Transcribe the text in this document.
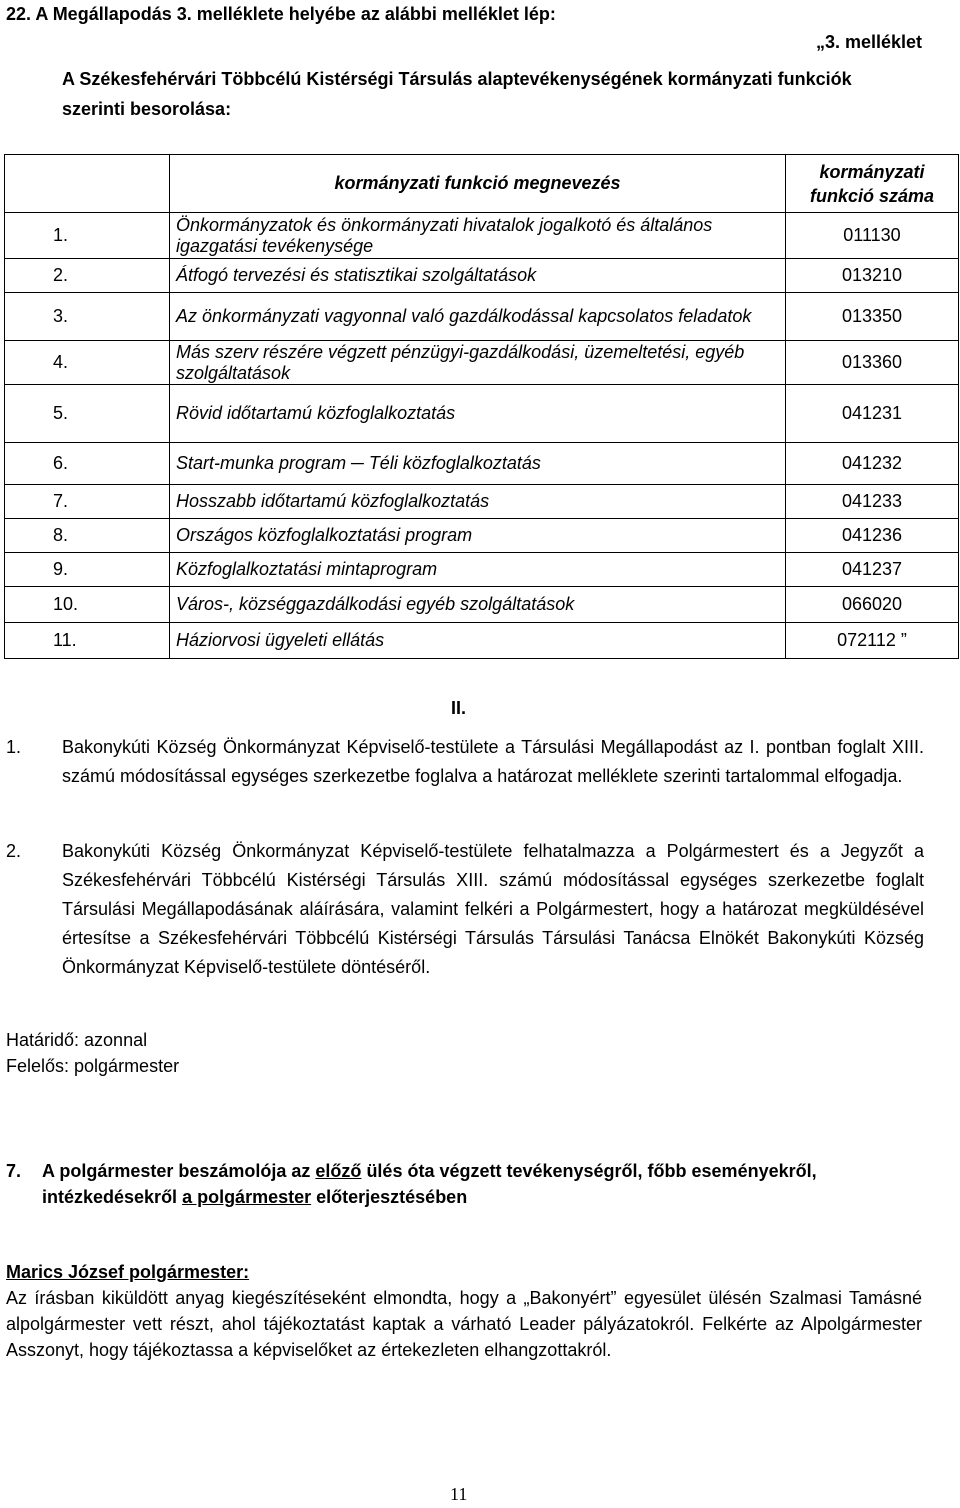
22. A Megállapodás 3. melléklete helyébe az alábbi melléklet lép:
„3. melléklet
A Székesfehérvári Többcélú Kistérségi Társulás alaptevékenységének kormányzati funkciók szerinti besorolása:
	kormányzati funkció megnevezés	kormányzati funkció száma
1.	Önkormányzatok és önkormányzati hivatalok jogalkotó és általános igazgatási tevékenysége	011130
2.	Átfogó tervezési és statisztikai szolgáltatások	013210
3.	Az önkormányzati vagyonnal való gazdálkodással kapcsolatos feladatok	013350
4.	Más szerv részére végzett pénzügyi-gazdálkodási, üzemeltetési, egyéb szolgáltatások	013360
5.	Rövid időtartamú közfoglalkoztatás	041231
6.	Start-munka program ─ Téli közfoglalkoztatás	041232
7.	Hosszabb időtartamú közfoglalkoztatás	041233
8.	Országos közfoglalkoztatási program	041236
9.	Közfoglalkoztatási mintaprogram	041237
10.	Város-, községgazdálkodási egyéb szolgáltatások	066020
11.	Háziorvosi ügyeleti ellátás	072112 ”
II.
1. Bakonykúti Község Önkormányzat Képviselő-testülete a Társulási Megállapodást az I. pontban foglalt XIII. számú módosítással egységes szerkezetbe foglalva a határozat melléklete szerinti tartalommal elfogadja.
2. Bakonykúti Község Önkormányzat Képviselő-testülete felhatalmazza a Polgármestert és a Jegyzőt a Székesfehérvári Többcélú Kistérségi Társulás XIII. számú módosítással egységes szerkezetbe foglalt Társulási Megállapodásának aláírására, valamint felkéri a Polgármestert, hogy a határozat megküldésével értesítse a Székesfehérvári Többcélú Kistérségi Társulás Társulási Tanácsa Elnökét Bakonykúti Község Önkormányzat Képviselő-testülete döntéséről.
Határidő: azonnal
Felelős: polgármester
7. A polgármester beszámolója az előző ülés óta végzett tevékenységről, főbb eseményekről, intézkedésekről a polgármester előterjesztésében
Marics József polgármester:
Az írásban kiküldött anyag kiegészítéseként elmondta, hogy a „Bakonyért” egyesület ülésén Szalmasi Tamásné alpolgármester vett részt, ahol tájékoztatást kaptak a várható Leader pályázatokról. Felkérte az Alpolgármester Asszonyt, hogy tájékoztassa a képviselőket az értekezleten elhangzottakról.
11
